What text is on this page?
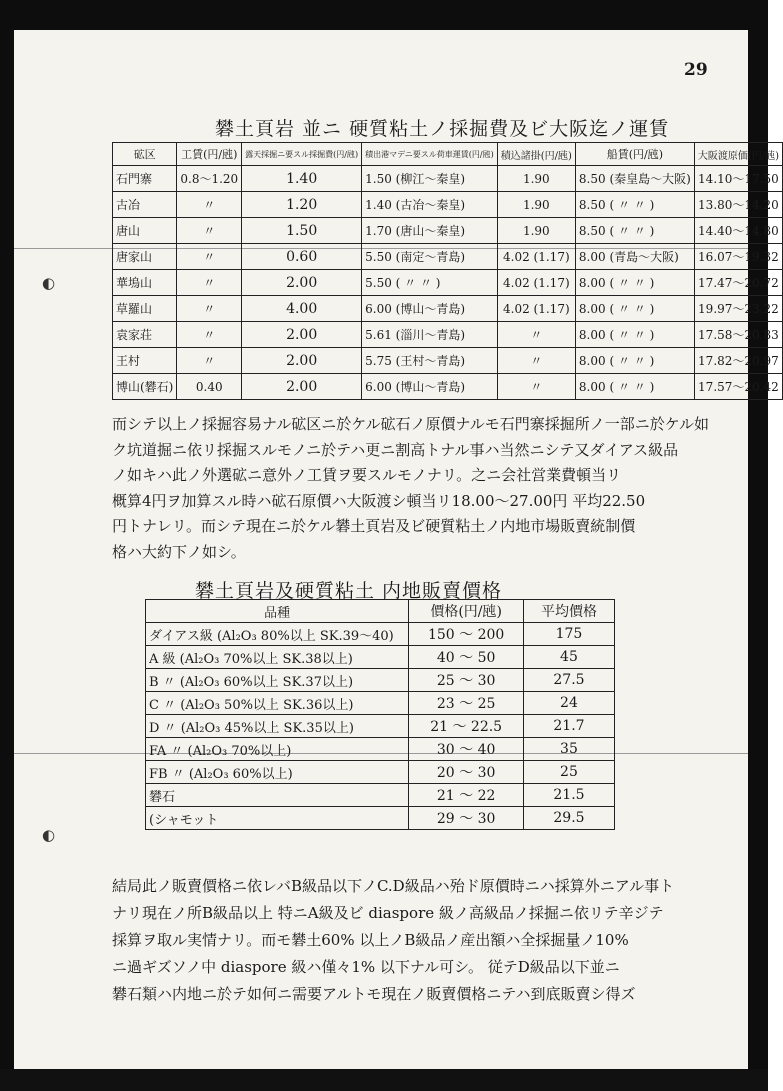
29
礬土頁岩 並ニ 硬質粘土ノ採掘費及ビ大阪迄ノ運賃
砿区	工賃(円/瓲)	露天採掘ニ要スル採掘費(円/瓲)	積出港マデニ要スル荷車運賃(円/瓲)	積込諸掛(円/瓲)	船賃(円/瓲)	大阪渡原価(円/瓲)
石門寨	0.8～1.20	1.40	1.50 (柳江～秦皇)	1.90	8.50 (秦皇島～大阪)	14.10～17.50
古冶	〃	1.20	1.40 (古冶～秦皇)	1.90	8.50 ( 〃 〃 )	13.80～14.20
唐山	〃	1.50	1.70 (唐山～秦皇)	1.90	8.50 ( 〃 〃 )	14.40～14.80
唐家山	〃	0.60	5.50 (南定～青島)	4.02 (1.17)	8.00 (青島～大阪)	16.07～19.32
華塢山	〃	2.00	5.50 ( 〃 〃 )	4.02 (1.17)	8.00 ( 〃 〃 )	17.47～20.72
草羅山	〃	4.00	6.00 (博山～青島)	4.02 (1.17)	8.00 ( 〃 〃 )	19.97～23.22
袁家荘	〃	2.00	5.61 (淄川～青島)	〃	8.00 ( 〃 〃 )	17.58～20.83
王村	〃	2.00	5.75 (王村～青島)	〃	8.00 ( 〃 〃 )	17.82～20.97
博山(礬石)	0.40	2.00	6.00 (博山～青島)	〃	8.00 ( 〃 〃 )	17.57～20.42
◐
而シテ以上ノ採掘容易ナル砿区ニ於ケル砿石ノ原價ナルモ石門寨採掘所ノ一部ニ於ケル如
ク坑道掘ニ依リ採掘スルモノニ於テハ更ニ割高トナル事ハ当然ニシテ又ダイアス級品
ノ如キハ此ノ外選砿ニ意外ノ工賃ヲ要スルモノナリ。之ニ会社営業費頓当リ
概算4円ヲ加算スル時ハ砿石原價ハ大阪渡シ頓当リ18.00～27.00円 平均22.50
円トナレリ。而シテ現在ニ於ケル礬土頁岩及ビ硬質粘土ノ内地市場販賣統制價
格ハ大約下ノ如シ。
礬土頁岩及硬質粘土 内地販賣價格
品種	價格(円/瓲)	平均價格
ダイアス級 (Al₂O₃ 80%以上 SK.39～40)	150 ～ 200	175
A 級 (Al₂O₃ 70%以上 SK.38以上)	40 ～ 50	45
B 〃 (Al₂O₃ 60%以上 SK.37以上)	25 ～ 30	27.5
C 〃 (Al₂O₃ 50%以上 SK.36以上)	23 ～ 25	24
D 〃 (Al₂O₃ 45%以上 SK.35以上)	21 ～ 22.5	21.7
FA 〃 (Al₂O₃ 70%以上)	30 ～ 40	35
FB 〃 (Al₂O₃ 60%以上)	20 ～ 30	25
礬石	21 ～ 22	21.5
(シャモット	29 ～ 30	29.5
◐
結局此ノ販賣價格ニ依レバB級品以下ノC.D級品ハ殆ド原價時ニハ採算外ニアル事ト
ナリ現在ノ所B級品以上 特ニA級及ビ diaspore 級ノ高級品ノ採掘ニ依リテ辛ジテ
採算ヲ取ル実情ナリ。而モ礬土60% 以上ノB級品ノ産出額ハ全採掘量ノ10%
ニ過ギズソノ中 diaspore 級ハ僅々1% 以下ナル可シ。 従テD級品以下並ニ
礬石類ハ内地ニ於テ如何ニ需要アルトモ現在ノ販賣價格ニテハ到底販賣シ得ズ
